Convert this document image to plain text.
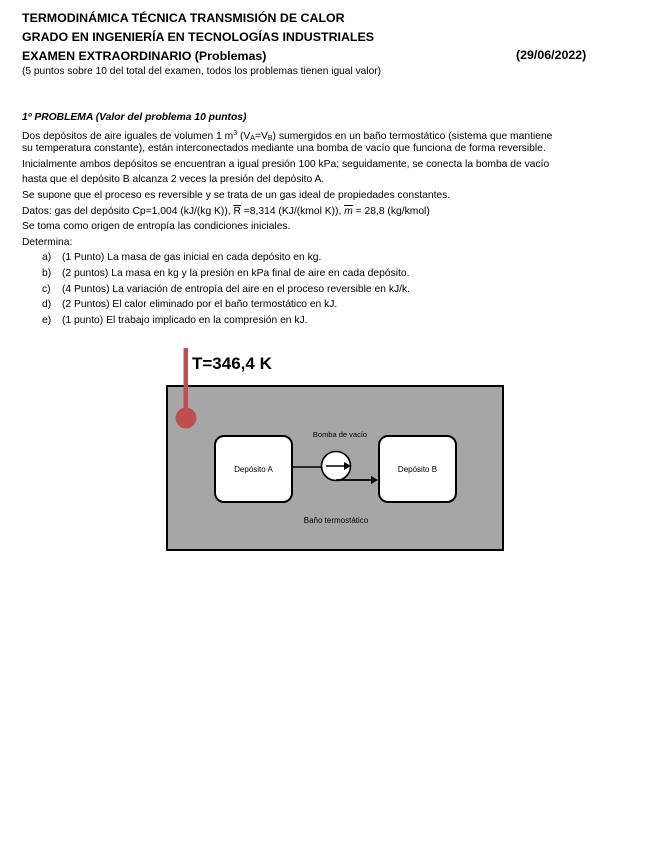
TERMODINÁMICA TÉCNICA TRANSMISIÓN DE CALOR
GRADO EN INGENIERÍA EN TECNOLOGÍAS INDUSTRIALES
EXAMEN EXTRAORDINARIO (Problemas)	(29/06/2022)
(5 puntos sobre 10 del total del examen, todos los problemas tienen igual valor)
1º PROBLEMA (Valor del problema 10 puntos)
Dos depósitos de aire iguales de volumen 1 $m^3$ $(V_A=V_B)$ sumergidos en un baño termostático (sistema que mantiene
su temperatura constante), están interconectados mediante una bomba de vacío que funciona de forma reversible.
Inicialmente ambos depósitos se encuentran a igual presión 100 kPa; seguidamente, se conecta la bomba de vacío
hasta que el depósito B alcanza 2 veces la presión del depósito A.
Se supone que el proceso es reversible y se trata de un gas ideal de propiedades constantes.
Datos: gas del depósito Cp=1,004 (kJ/(kg K)), $\overline{R} =8,314$ (KJ/(kmol K)), $\overline{m} = 28,8$ (kg/kmol)
Se toma como origen de entropía las condiciones iniciales.
Determina:
a) (1 Punto) La masa de gas inicial en cada depósito en kg.
b) (2 puntos) La masa en kg y la presión en kPa final de aire en cada depósito.
c) (4 Puntos) La variación de entropía del aire en el proceso reversible en kJ/k.
d) (2 Puntos) El calor eliminado por el baño termostático en kJ.
e) (1 punto) El trabajo implicado en la compresión en kJ.
Depósito A	Depósito B
Bomba de vacío
Baño termostático
T=346,4 K
